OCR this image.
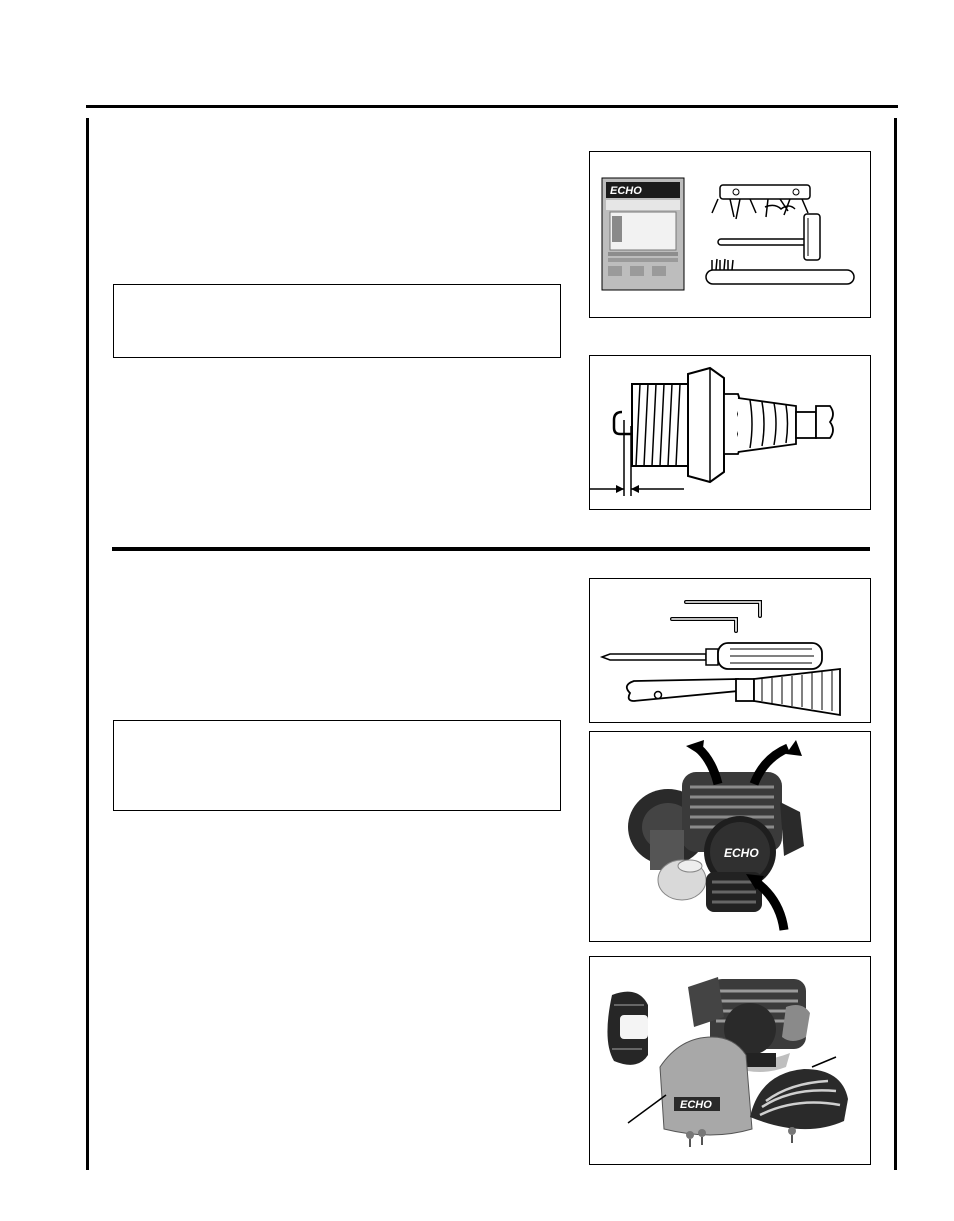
ECHO
ECHO
ECHO
